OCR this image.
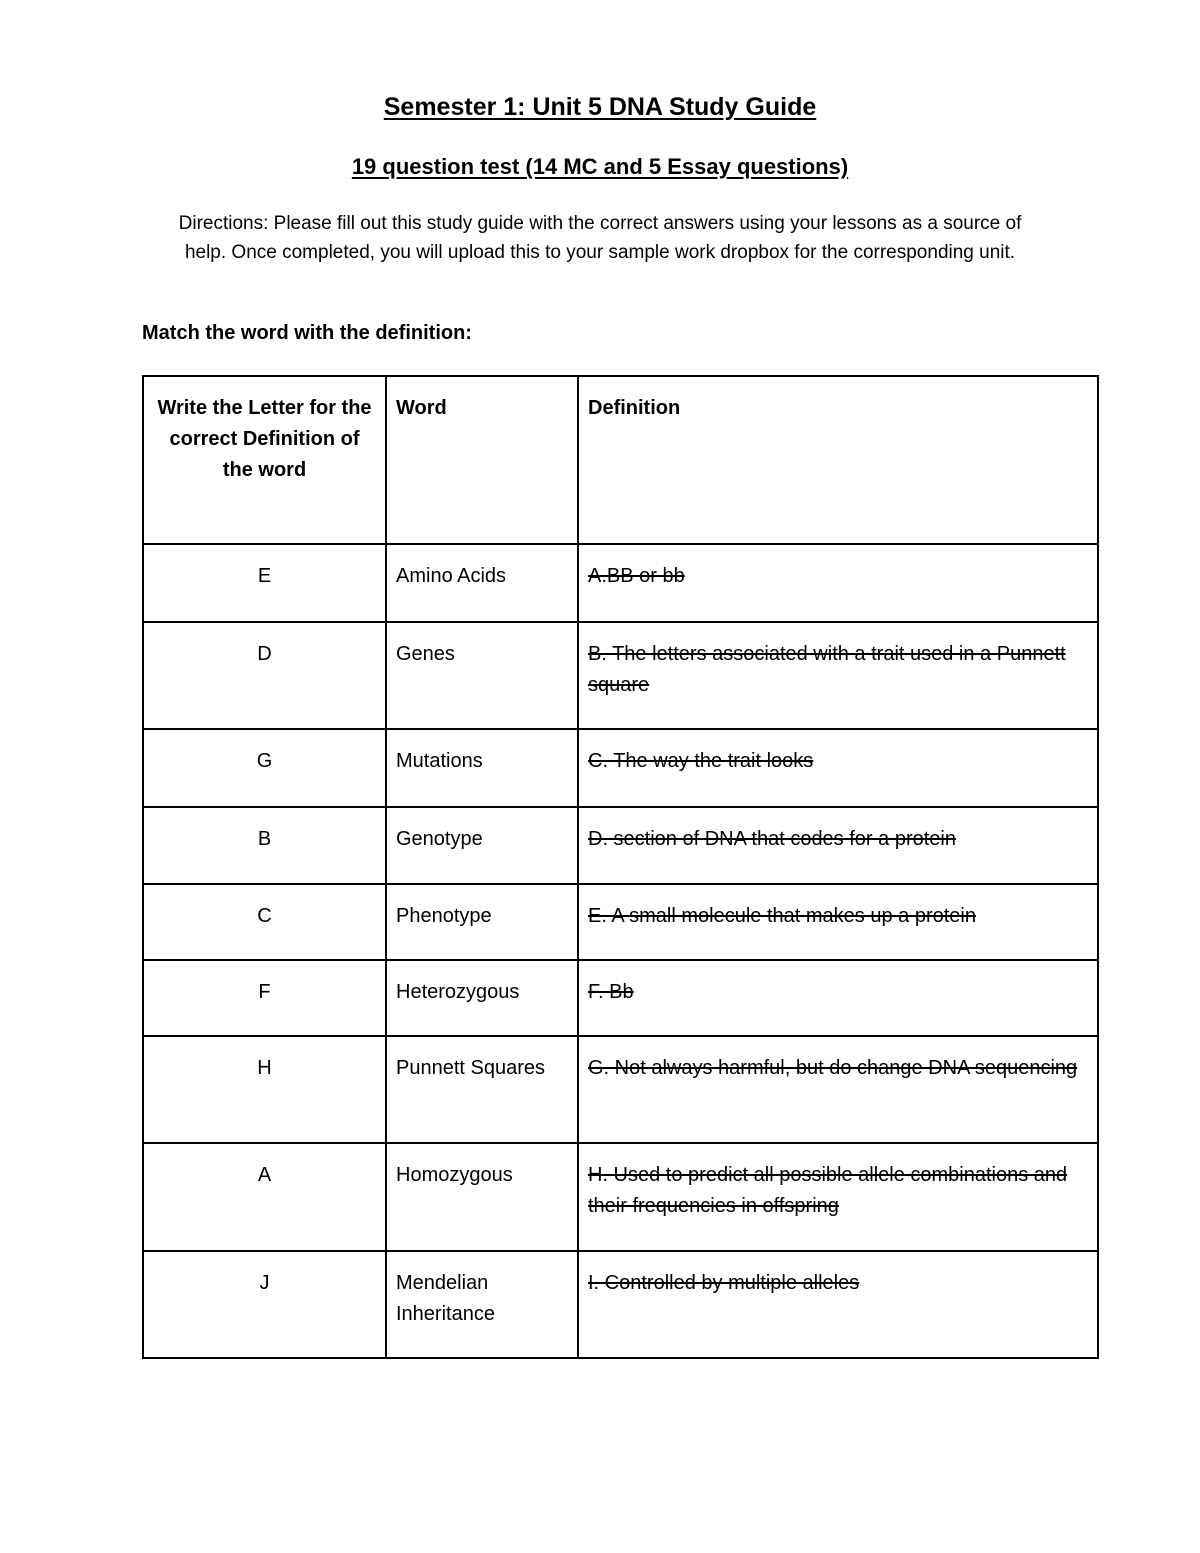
Semester 1: Unit 5 DNA Study Guide
19 question test (14 MC and 5 Essay questions)

Directions: Please fill out this study guide with the correct answers using your lessons as a source of help. Once completed, you will upload this to your sample work dropbox for the corresponding unit.

Match the word with the definition:

Write the Letter for the correct Definition of the word	Word	Definition

E	Amino Acids	A.BB or bb

D	Genes	B. The letters associated with a trait used in a Punnett square

G	Mutations	C. The way the trait looks

B	Genotype	D. section of DNA that codes for a protein

C	Phenotype	E. A small molecule that makes up a protein

F	Heterozygous	F. Bb

H	Punnett Squares	G. Not always harmful, but do change DNA sequencing

A	Homozygous	H. Used to predict all possible allele combinations and their frequencies in offspring

J	Mendelian Inheritance	I. Controlled by multiple alleles
